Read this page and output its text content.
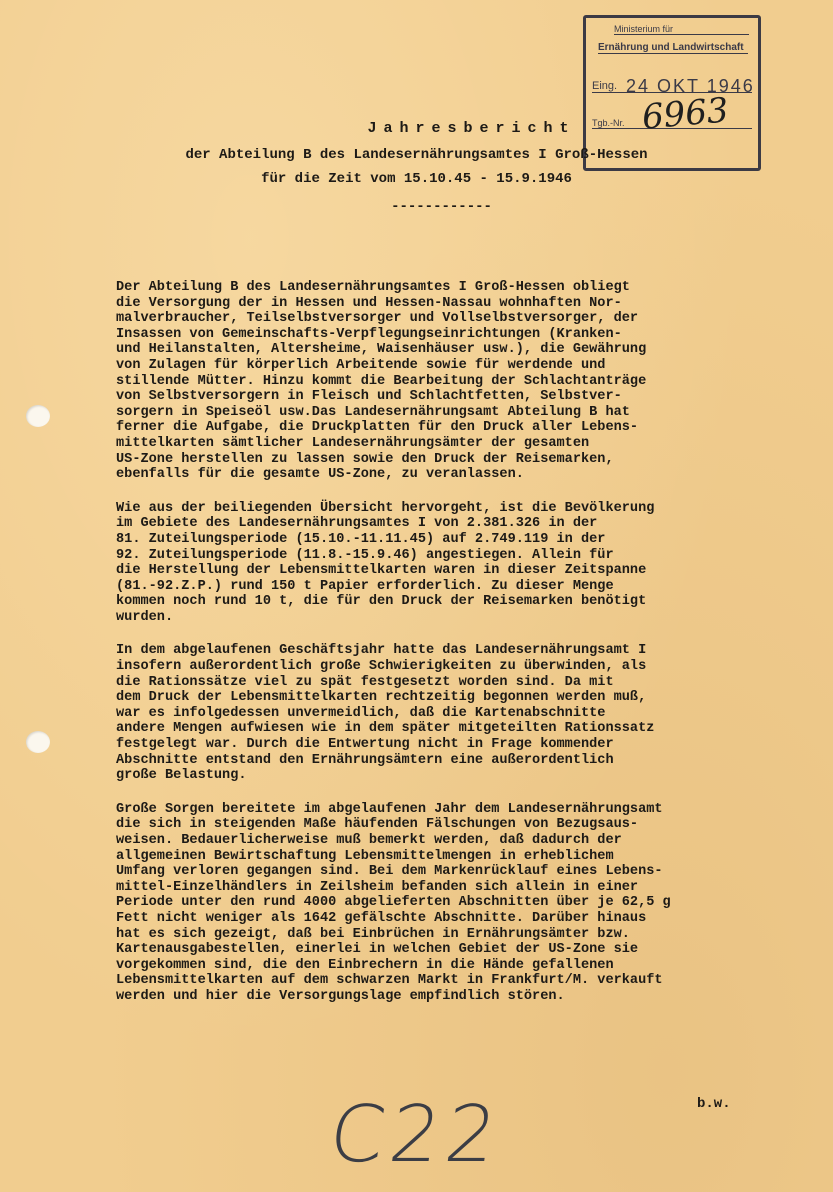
Ministerium für
Ernährung und Landwirtschaft
Eing. 24 OKT 1946
Tgb.-Nr. 6963
Jahresbericht
der Abteilung B des Landesernährungsamtes I Groß-Hessen
für die Zeit vom 15.10.45 - 15.9.1946
------------

Der Abteilung B des Landesernährungsamtes I Groß-Hessen obliegt
die Versorgung der in Hessen und Hessen-Nassau wohnhaften Nor-
malverbraucher, Teilselbstversorger und Vollselbstversorger, der
Insassen von Gemeinschafts-Verpflegungseinrichtungen (Kranken-
und Heilanstalten, Altersheime, Waisenhäuser usw.), die Gewährung
von Zulagen für körperlich Arbeitende sowie für werdende und
stillende Mütter. Hinzu kommt die Bearbeitung der Schlachtanträge
von Selbstversorgern in Fleisch und Schlachtfetten, Selbstver-
sorgern in Speiseöl usw.Das Landesernährungsamt Abteilung B hat
ferner die Aufgabe, die Druckplatten für den Druck aller Lebens-
mittelkarten sämtlicher Landesernährungsämter der gesamten
US-Zone herstellen zu lassen sowie den Druck der Reisemarken,
ebenfalls für die gesamte US-Zone, zu veranlassen.

Wie aus der beiliegenden Übersicht hervorgeht, ist die Bevölkerung
im Gebiete des Landesernährungsamtes I von 2.381.326 in der
81. Zuteilungsperiode (15.10.-11.11.45) auf 2.749.119 in der
92. Zuteilungsperiode (11.8.-15.9.46) angestiegen. Allein für
die Herstellung der Lebensmittelkarten waren in dieser Zeitspanne
(81.-92.Z.P.) rund 150 t Papier erforderlich. Zu dieser Menge
kommen noch rund 10 t, die für den Druck der Reisemarken benötigt
wurden.

In dem abgelaufenen Geschäftsjahr hatte das Landesernährungsamt I
insofern außerordentlich große Schwierigkeiten zu überwinden, als
die Rationssätze viel zu spät festgesetzt worden sind. Da mit
dem Druck der Lebensmittelkarten rechtzeitig begonnen werden muß,
war es infolgedessen unvermeidlich, daß die Kartenabschnitte
andere Mengen aufwiesen wie in dem später mitgeteilten Rationssatz
festgelegt war. Durch die Entwertung nicht in Frage kommender
Abschnitte entstand den Ernährungsämtern eine außerordentlich
große Belastung.

Große Sorgen bereitete im abgelaufenen Jahr dem Landesernährungsamt
die sich in steigenden Maße häufenden Fälschungen von Bezugsaus-
weisen. Bedauerlicherweise muß bemerkt werden, daß dadurch der
allgemeinen Bewirtschaftung Lebensmittelmengen in erheblichem
Umfang verloren gegangen sind. Bei dem Markenrücklauf eines Lebens-
mittel-Einzelhändlers in Zeilsheim befanden sich allein in einer
Periode unter den rund 4000 abgelieferten Abschnitten über je 62,5 g
Fett nicht weniger als 1642 gefälschte Abschnitte. Darüber hinaus
hat es sich gezeigt, daß bei Einbrüchen in Ernährungsämter bzw.
Kartenausgabestellen, einerlei in welchen Gebiet der US-Zone sie
vorgekommen sind, die den Einbrechern in die Hände gefallenen
Lebensmittelkarten auf dem schwarzen Markt in Frankfurt/M. verkauft
werden und hier die Versorgungslage empfindlich stören.

b.w.
C22
